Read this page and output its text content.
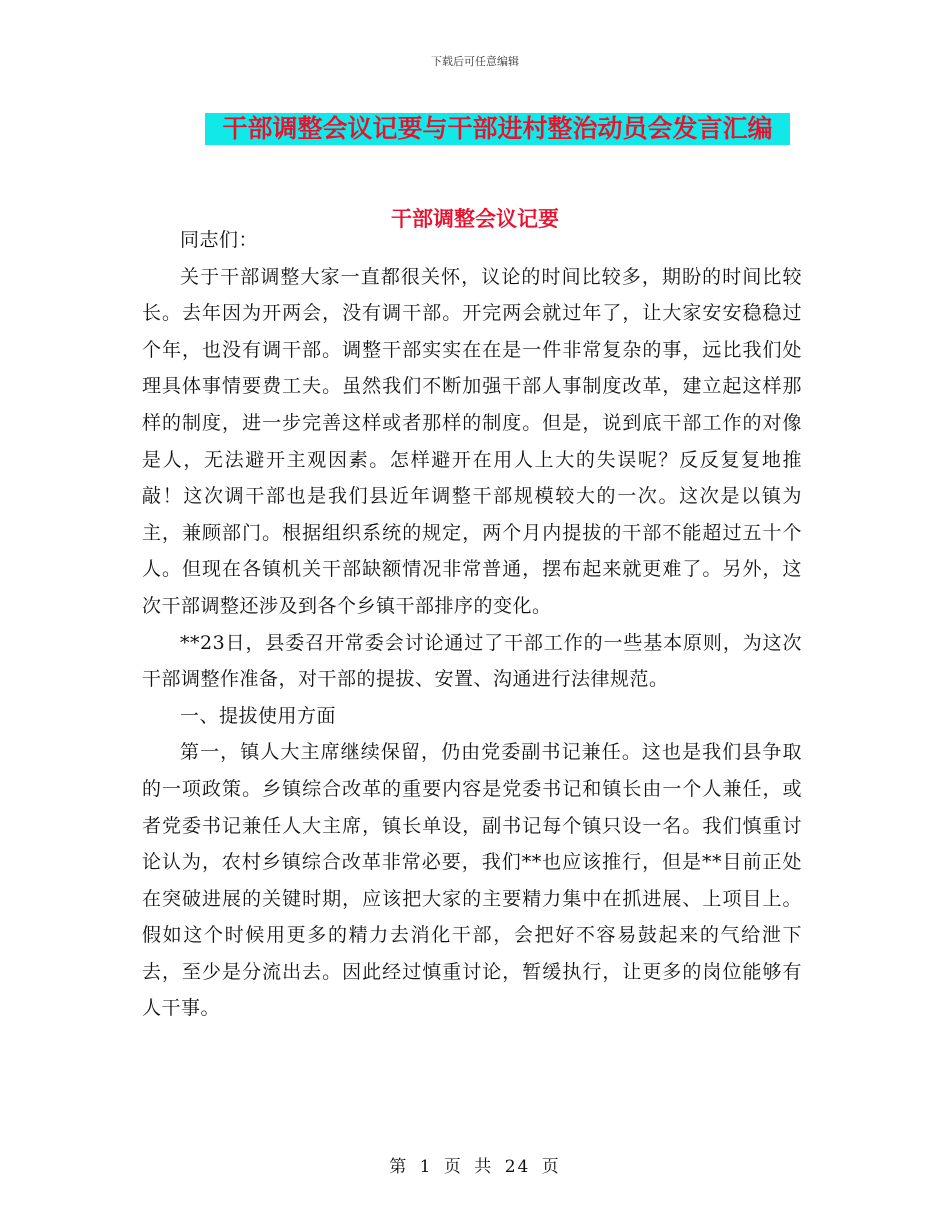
下载后可任意编辑
干部调整会议记要与干部进村整治动员会发言汇编
干部调整会议记要

同志们：

关于干部调整大家一直都很关怀，议论的时间比较多，期盼的时间比较长。去年因为开两会，没有调干部。开完两会就过年了，让大家安安稳稳过个年，也没有调干部。调整干部实实在在是一件非常复杂的事，远比我们处理具体事情要费工夫。虽然我们不断加强干部人事制度改革，建立起这样那样的制度，进一步完善这样或者那样的制度。但是，说到底干部工作的对像是人，无法避开主观因素。怎样避开在用人上大的失误呢？反反复复地推敲！这次调干部也是我们县近年调整干部规模较大的一次。这次是以镇为主，兼顾部门。根据组织系统的规定，两个月内提拔的干部不能超过五十个人。但现在各镇机关干部缺额情况非常普通，摆布起来就更难了。另外，这次干部调整还涉及到各个乡镇干部排序的变化。

**23日，县委召开常委会讨论通过了干部工作的一些基本原则，为这次干部调整作准备，对干部的提拔、安置、沟通进行法律规范。

一、提拔使用方面

第一，镇人大主席继续保留，仍由党委副书记兼任。这也是我们县争取的一项政策。乡镇综合改革的重要内容是党委书记和镇长由一个人兼任，或者党委书记兼任人大主席，镇长单设，副书记每个镇只设一名。我们慎重讨论认为，农村乡镇综合改革非常必要，我们**也应该推行，但是**目前正处在突破进展的关键时期，应该把大家的主要精力集中在抓进展、上项目上。假如这个时候用更多的精力去消化干部，会把好不容易鼓起来的气给泄下去，至少是分流出去。因此经过慎重讨论，暂缓执行，让更多的岗位能够有人干事。

第 1 页 共 24 页
